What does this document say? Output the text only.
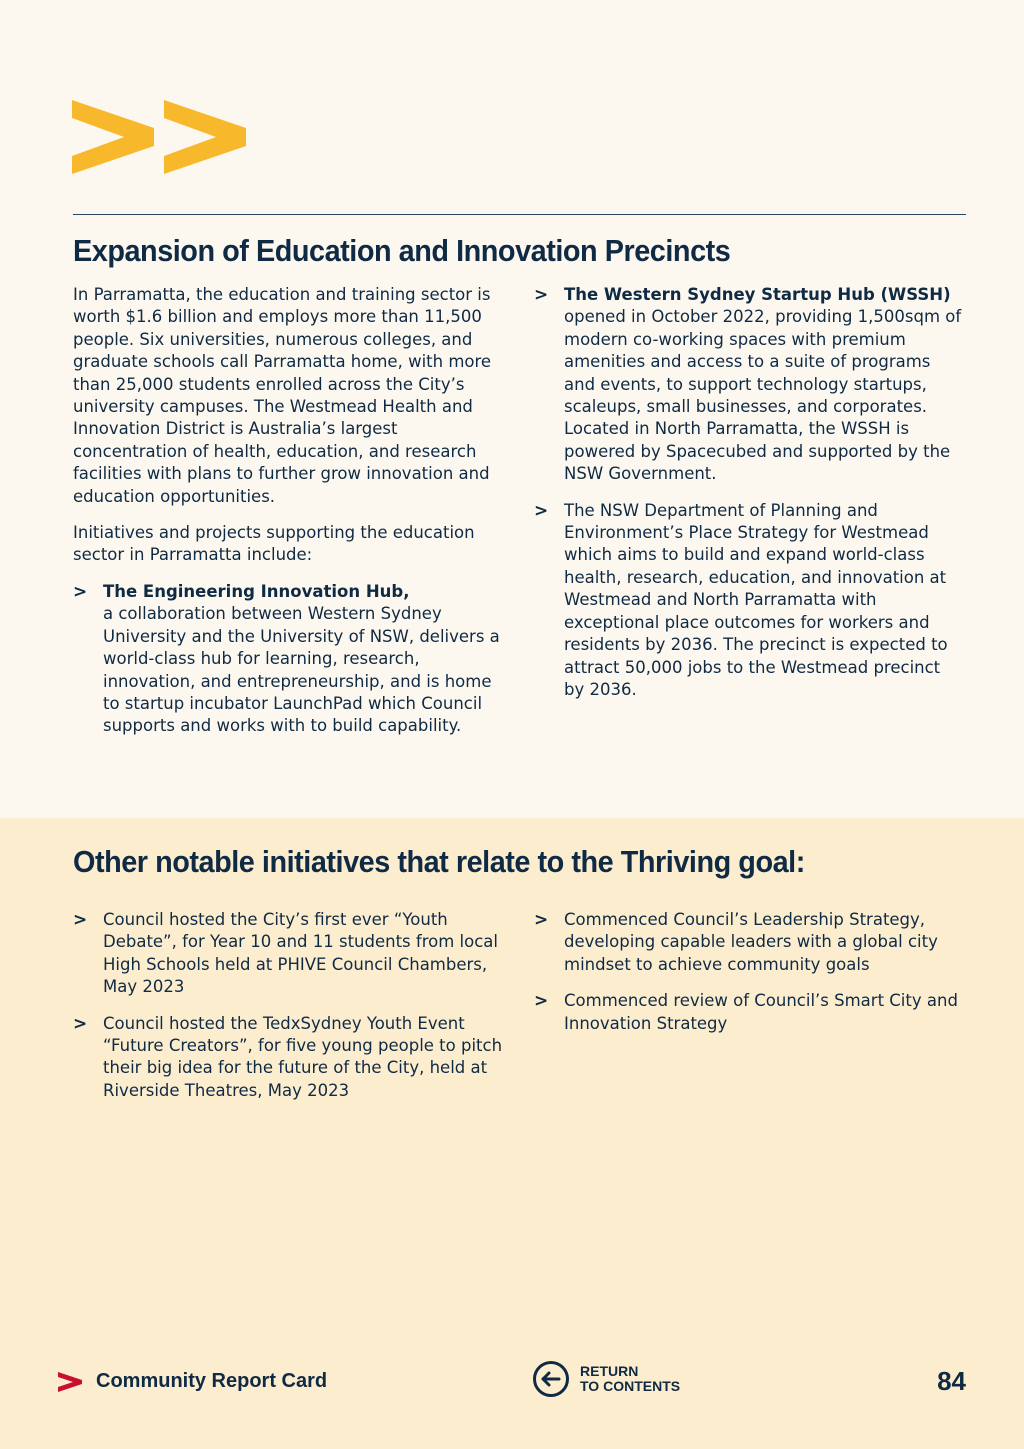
Expansion of Education and Innovation Precincts

In Parramatta, the education and training sector is worth $1.6 billion and employs more than 11,500 people. Six universities, numerous colleges, and graduate schools call Parramatta home, with more than 25,000 students enrolled across the City’s university campuses. The Westmead Health and Innovation District is Australia’s largest concentration of health, education, and research facilities with plans to further grow innovation and education opportunities.

Initiatives and projects supporting the education sector in Parramatta include:

> The Engineering Innovation Hub,
a collaboration between Western Sydney University and the University of NSW, delivers a world-class hub for learning, research, innovation, and entrepreneurship, and is home to startup incubator LaunchPad which Council supports and works with to build capability.
> The Western Sydney Startup Hub (WSSH)
opened in October 2022, providing 1,500sqm of modern co-working spaces with premium amenities and access to a suite of programs and events, to support technology startups, scaleups, small businesses, and corporates. Located in North Parramatta, the WSSH is powered by Spacecubed and supported by the NSW Government.
> The NSW Department of Planning and Environment’s Place Strategy for Westmead which aims to build and expand world-class health, research, education, and innovation at Westmead and North Parramatta with exceptional place outcomes for workers and residents by 2036. The precinct is expected to attract 50,000 jobs to the Westmead precinct by 2036.
Other notable initiatives that relate to the Thriving goal:
> Council hosted the City’s first ever “Youth Debate”, for Year 10 and 11 students from local High Schools held at PHIVE Council Chambers, May 2023
> Council hosted the TedxSydney Youth Event “Future Creators”, for five young people to pitch their big idea for the future of the City, held at Riverside Theatres, May 2023
> Commenced Council’s Leadership Strategy, developing capable leaders with a global city mindset to achieve community goals
> Commenced review of Council’s Smart City and Innovation Strategy
Community Report Card	RETURN
TO CONTENTS	84
